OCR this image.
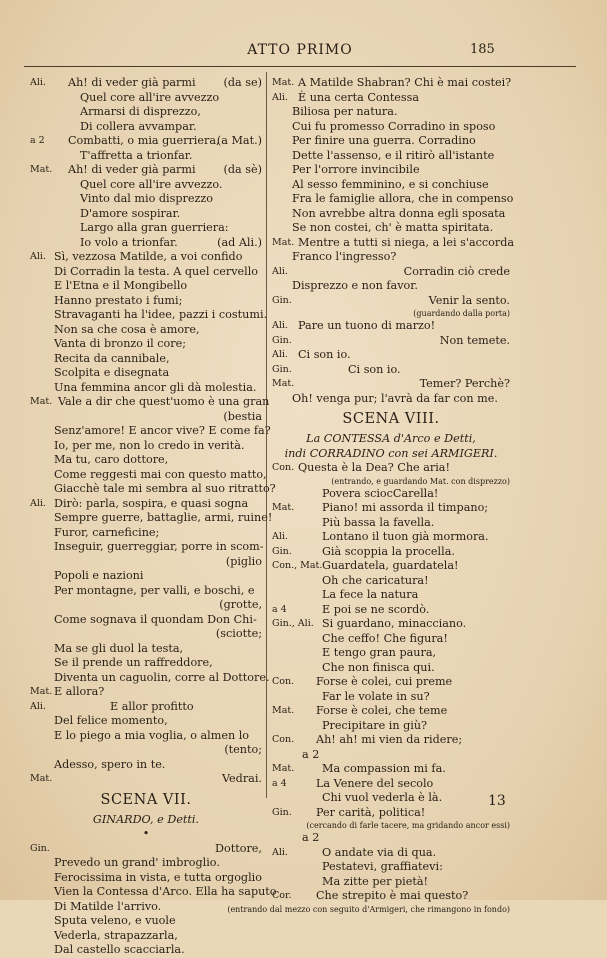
ATTO PRIMO	185
Ali. Ah! di veder già parmi (da se)
Quel core all'ire avvezzo
Armarsi di disprezzo,
Di collera avvampar.
a 2 Combatti, o mia guerriera,
(a Mat.)
T'affretta a trionfar.
Mat. Ah! di veder già parmi (da sè)
Quel core all'ire avvezzo.
Vinto dal mio disprezzo
D'amore sospirar.
Largo alla gran guerriera:
Io volo a trionfar.	(ad Ali.)
Ali. Sì, vezzosa Matilde, a voi confido
Di Corradin la testa. A quel cervello
E l'Etna e il Mongibello
Hanno prestato i fumi;
Stravaganti ha l'idee, pazzi i costumi.
Non sa che cosa è amore,
Vanta di bronzo il core;
Recita da cannibale,
Scolpita e disegnata
Una femmina ancor gli dà molestia.
Mat. Vale a dir che quest'uomo è una gran
(bestia
Senz'amore! E ancor vive? E come fa?
Io, per me, non lo credo in verità.
Ma tu, caro dottore,
Come reggesti mai con questo matto,
Giacchè tale mi sembra al suo ritratto?
Ali. Dirò: parla, sospira, e quasi sogna
Sempre guerre, battaglie, armi, ruine!
Furor, carneficine;
Inseguir, guerreggiar, porre in scom-
(piglio
Popoli e nazioni
Per montagne, per valli, e boschi, e
(grotte,
Come sognava il quondam Don Chi-
(sciotte;
Ma se gli duol la testa,
Se il prende un raffreddore,
Diventa un caguolin, corre al Dottore.
Mat. E allora?
Ali.	E allor profitto
Del felice momento,
E lo piego a mia voglia, o almen lo
(tento;
Adesso, spero in te.
Mat.	Vedrai.
SCENA VII.
GINARDO, e Detti.
•
Gin.	Dottore,
Prevedo un grand' imbroglio.
Ferocissima in vista, e tutta orgoglio
Vien la Contessa d'Arco. Ella ha saputo
Di Matilde l'arrivo.
Sputa veleno, e vuole
Vederla, strapazzarla,
Dal castello scacciarla.
Mat. A Matilde Shabran? Chi è mai costei?
Ali. È una certa Contessa
Biliosa per natura.
Cui fu promesso Corradino in sposo
Per finire una guerra. Corradino
Dette l'assenso, e il ritirò all'istante
Per l'orrore invincibile
Al sesso femminino, e si conchiuse
Fra le famiglie allora, che in compenso
Non avrebbe altra donna egli sposata
Se non costei, ch' è matta spiritata.
Mat. Mentre a tutti si niega, a lei s'accorda
Franco l'ingresso?
Ali.	Corradin ciò crede
Disprezzo e non favor.
Gin.	Venir la sento.
(guardando dalla porta)
Ali. Pare un tuono di marzo!
Gin.	Non temete.
Ali. Ci son io.
Gin.	Ci son io.
Mat.	Temer? Perchè?
Oh! venga pur; l'avrà da far con me.
SCENA VIII.
La CONTESSA d'Arco e Detti,
indi CORRADINO con sei ARMIGERI.
Con. Questa è la Dea? Che aria!
(entrando, e guardando Mat. con disprezzo)
Povera sciocCarella!
Mat. Piano! mi assorda il timpano;
Più bassa la favella.
Ali.	Lontano il tuon già mormora.
Gin.	Già scoppia la procella.
Con., Mat. Guardatela, guardatela!
Oh che caricatura!
La fece la natura
a 4	E poi se ne scordò.
Gin., Ali. Si guardano, minacciano.
Che ceffo! Che figura!
E tengo gran paura,
Che non finisca qui.
Con. Forse è colei, cui preme
Far le volate in su?
Mat. Forse è colei, che teme
Precipitare in giù?
Con. Ah! ah! mi vien da ridere;
a 2
Mat. Ma compassion mi fa.
a 4	La Venere del secolo
Chi vuol vederla è là.
Gin. Per carità, politica!
(cercando di farle tacere, ma gridando ancor essi)
a 2
Ali.	O andate via di qua.
Pestatevi, graffiatevi:
Ma zitte per pietà!
Cor. Che strepito è mai questo?
(entrando dal mezzo con seguito d'Armigeri, che rimangono in fondo)
13
